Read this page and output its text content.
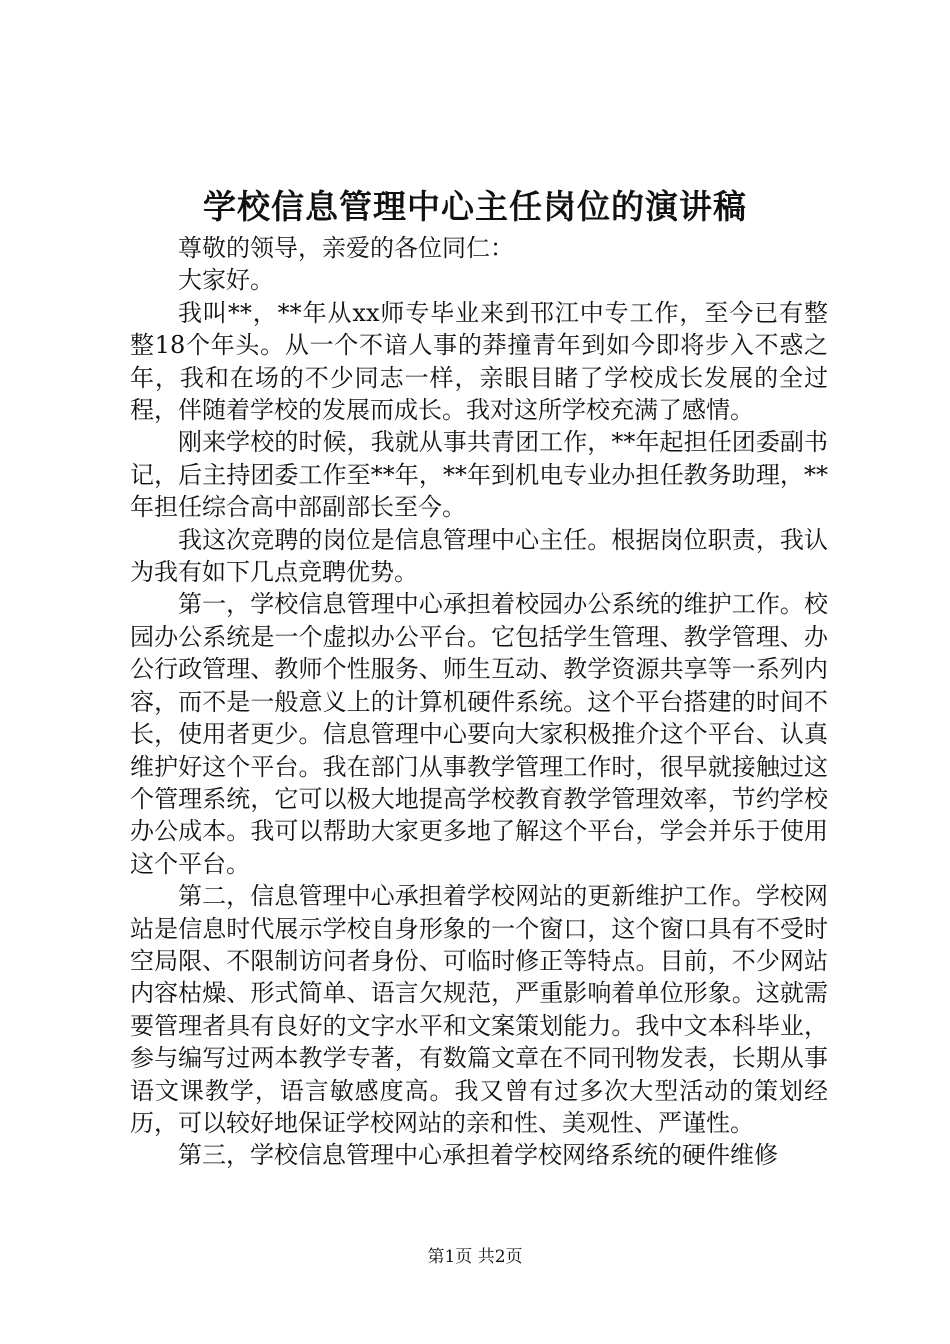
学校信息管理中心主任岗位的演讲稿

尊敬的领导，亲爱的各位同仁：

大家好。

我叫**，**年从xx师专毕业来到邗江中专工作，至今已有整整18个年头。从一个不谙人事的莽撞青年到如今即将步入不惑之年，我和在场的不少同志一样，亲眼目睹了学校成长发展的全过程，伴随着学校的发展而成长。我对这所学校充满了感情。

刚来学校的时候，我就从事共青团工作，**年起担任团委副书记，后主持团委工作至**年，**年到机电专业办担任教务助理，**年担任综合高中部副部长至今。

我这次竞聘的岗位是信息管理中心主任。根据岗位职责，我认为我有如下几点竞聘优势。

第一，学校信息管理中心承担着校园办公系统的维护工作。校园办公系统是一个虚拟办公平台。它包括学生管理、教学管理、办公行政管理、教师个性服务、师生互动、教学资源共享等一系列内容，而不是一般意义上的计算机硬件系统。这个平台搭建的时间不长，使用者更少。信息管理中心要向大家积极推介这个平台、认真维护好这个平台。我在部门从事教学管理工作时，很早就接触过这个管理系统，它可以极大地提高学校教育教学管理效率，节约学校办公成本。我可以帮助大家更多地了解这个平台，学会并乐于使用这个平台。

第二，信息管理中心承担着学校网站的更新维护工作。学校网站是信息时代展示学校自身形象的一个窗口，这个窗口具有不受时空局限、不限制访问者身份、可临时修正等特点。目前，不少网站内容枯燥、形式简单、语言欠规范，严重影响着单位形象。这就需要管理者具有良好的文字水平和文案策划能力。我中文本科毕业，参与编写过两本教学专著，有数篇文章在不同刊物发表，长期从事语文课教学，语言敏感度高。我又曾有过多次大型活动的策划经历，可以较好地保证学校网站的亲和性、美观性、严谨性。

第三，学校信息管理中心承担着学校网络系统的硬件维修

第1页 共2页
